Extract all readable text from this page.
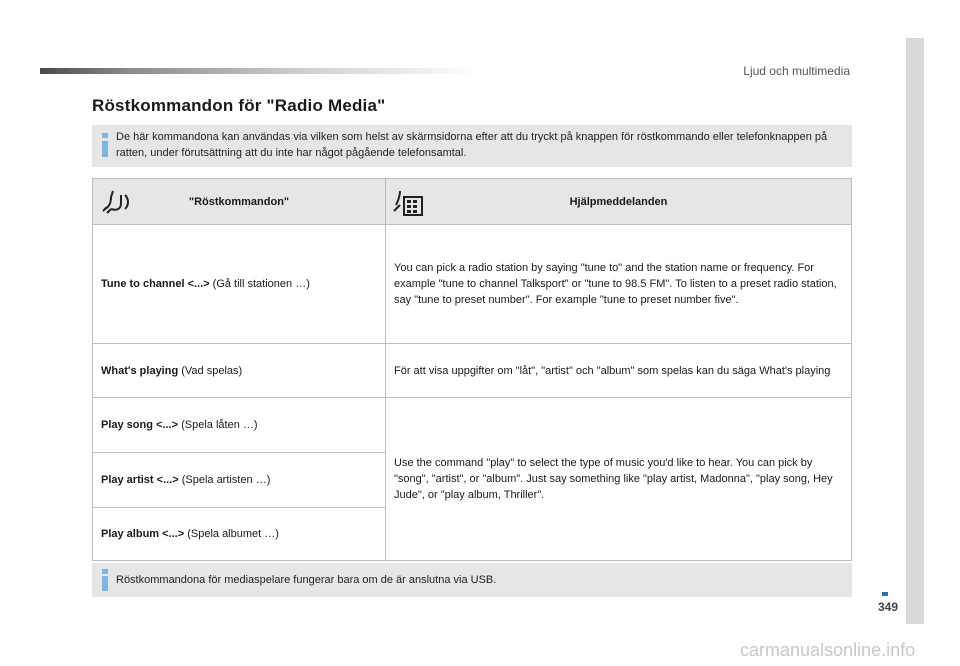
Ljud och multimedia
Röstkommandon för "Radio Media"
De här kommandona kan användas via vilken som helst av skärmsidorna efter att du tryckt på knappen för röstkommando eller telefonknappen på ratten, under förutsättning att du inte har något pågående telefonsamtal.
"Röstkommandon"	Hjälpmeddelanden
Tune to channel <...> (Gå till stationen …)	You can pick a radio station by saying "tune to" and the station name or frequency. For example "tune to channel Talksport" or "tune to 98.5 FM". To listen to a preset radio station, say "tune to preset number". For example "tune to preset number five".
What's playing (Vad spelas)	För att visa uppgifter om "låt", "artist" och "album" som spelas kan du säga What's playing
Play song <...> (Spela låten …)	Use the command "play" to select the type of music you'd like to hear. You can pick by "song", "artist", or "album". Just say something like "play artist, Madonna", "play song, Hey Jude", or "play album, Thriller".
Play artist <...> (Spela artisten …)	
Play album <...> (Spela albumet …)	
Röstkommandona för mediaspelare fungerar bara om de är anslutna via USB.
349
carmanualsonline.info
